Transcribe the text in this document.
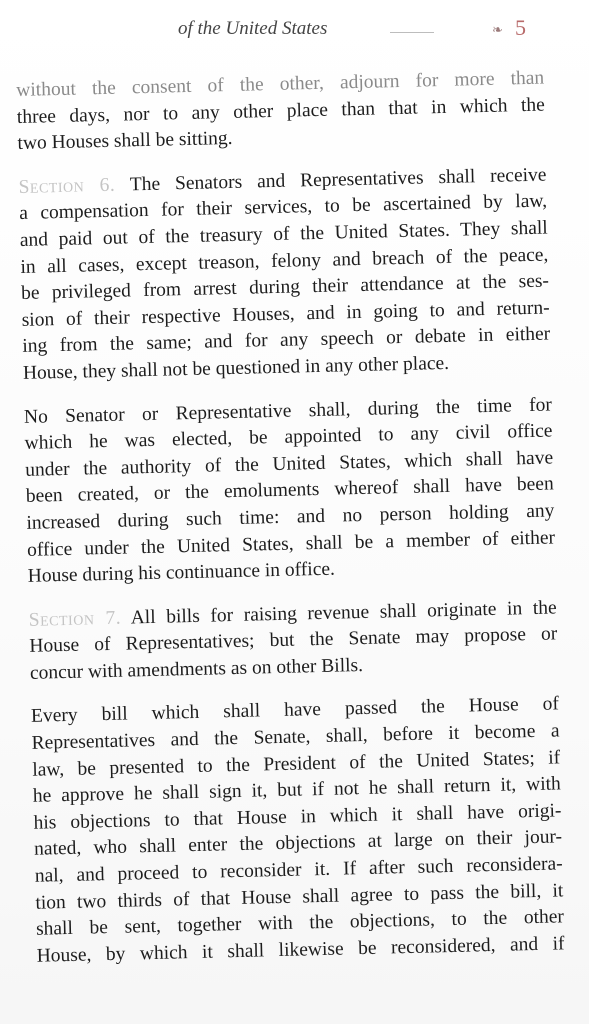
of the United States	❧ 5

without the consent of the other, adjourn for more than
three days, nor to any other place than that in which the
two Houses shall be sitting.

Section 6. The Senators and Representatives shall receive
a compensation for their services, to be ascertained by law,
and paid out of the treasury of the United States. They shall
in all cases, except treason, felony and breach of the peace,
be privileged from arrest during their attendance at the ses-
sion of their respective Houses, and in going to and return-
ing from the same; and for any speech or debate in either
House, they shall not be questioned in any other place.

No Senator or Representative shall, during the time for
which he was elected, be appointed to any civil office
under the authority of the United States, which shall have
been created, or the emoluments whereof shall have been
increased during such time: and no person holding any
office under the United States, shall be a member of either
House during his continuance in office.

Section 7. All bills for raising revenue shall originate in the
House of Representatives; but the Senate may propose or
concur with amendments as on other Bills.

Every bill which shall have passed the House of
Representatives and the Senate, shall, before it become a
law, be presented to the President of the United States; if
he approve he shall sign it, but if not he shall return it, with
his objections to that House in which it shall have origi-
nated, who shall enter the objections at large on their jour-
nal, and proceed to reconsider it. If after such reconsidera-
tion two thirds of that House shall agree to pass the bill, it
shall be sent, together with the objections, to the other
House, by which it shall likewise be reconsidered, and if
